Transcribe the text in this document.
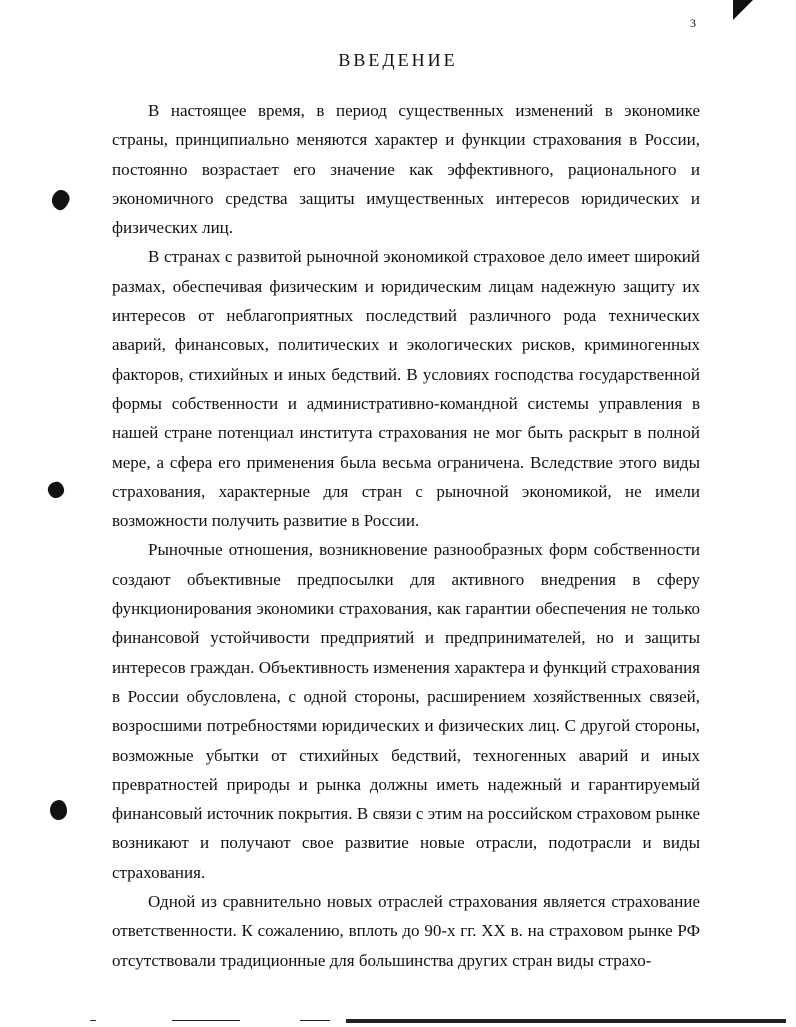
3
ВВЕДЕНИЕ

В настоящее время, в период существенных изменений в экономике страны, принципиально меняются характер и функции страхования в России, постоянно возрастает его значение как эффективного, рационального и экономичного средства защиты имущественных интересов юридических и физических лиц.

В странах с развитой рыночной экономикой страховое дело имеет широкий размах, обеспечивая физическим и юридическим лицам надежную защиту их интересов от неблагоприятных последствий различного рода технических аварий, финансовых, политических и экологических рисков, криминогенных факторов, стихийных и иных бедствий. В условиях господства государственной формы собственности и административно-командной системы управления в нашей стране потенциал института страхования не мог быть раскрыт в полной мере, а сфера его применения была весьма ограничена. Вследствие этого виды страхования, характерные для стран с рыночной экономикой, не имели возможности получить развитие в России.

Рыночные отношения, возникновение разнообразных форм собственности создают объективные предпосылки для активного внедрения в сферу функционирования экономики страхования, как гарантии обеспечения не только финансовой устойчивости предприятий и предпринимателей, но и защиты интересов граждан. Объективность изменения характера и функций страхования в России обусловлена, с одной стороны, расширением хозяйственных связей, возросшими потребностями юридических и физических лиц. С другой стороны, возможные убытки от стихийных бедствий, техногенных аварий и иных превратностей природы и рынка должны иметь надежный и гарантируемый финансовый источник покрытия. В связи с этим на российском страховом рынке возникают и получают свое развитие новые отрасли, подотрасли и виды страхования.

Одной из сравнительно новых отраслей страхования является страхование ответственности. К сожалению, вплоть до 90-х гг. XX в. на страховом рынке РФ отсутствовали традиционные для большинства других стран виды страхо-
